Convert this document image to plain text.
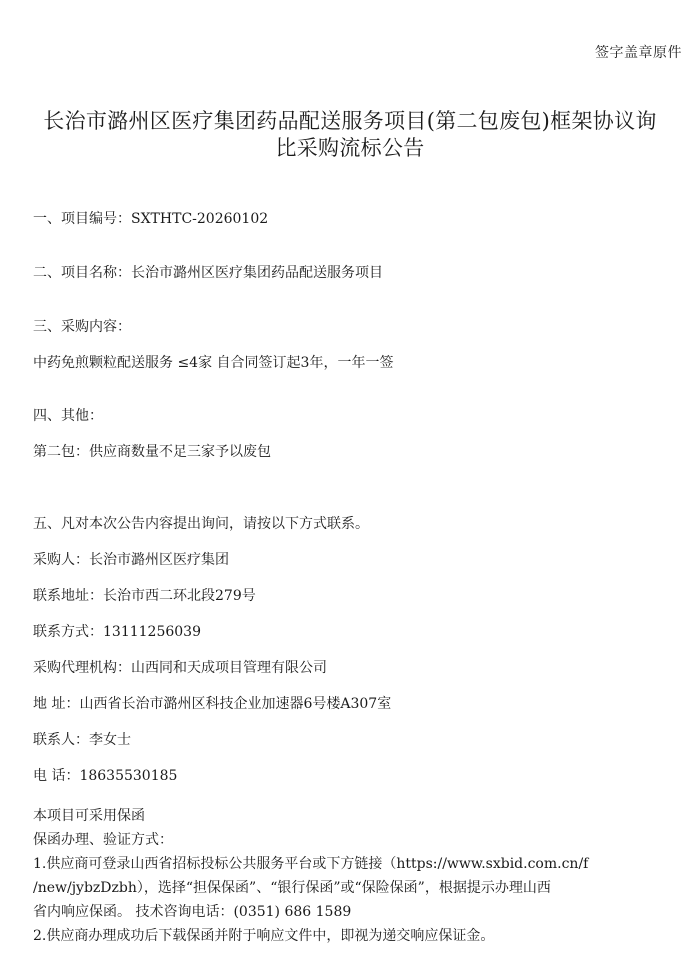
签字盖章原件
长治市潞州区医疗集团药品配送服务项目(第二包废包)框架协议询
比采购流标公告
一、项目编号：SXTHTC-20260102
二、项目名称：长治市潞州区医疗集团药品配送服务项目
三、采购内容：
中药免煎颗粒配送服务 ≤4家 自合同签订起3年，一年一签
四、其他：
第二包：供应商数量不足三家予以废包
五、凡对本次公告内容提出询问，请按以下方式联系。
采购人：长治市潞州区医疗集团
联系地址：长治市西二环北段279号
联系方式：13111256039
采购代理机构：山西同和天成项目管理有限公司
地 址：山西省长治市潞州区科技企业加速器6号楼A307室
联系人：李女士
电 话：18635530185
本项目可采用保函
保函办理、验证方式：
1.供应商可登录山西省招标投标公共服务平台或下方链接（https://www.sxbid.com.cn/f
/new/jybzDzbh），选择“担保保函”、“银行保函”或“保险保函”，根据提示办理山西
省内响应保函。 技术咨询电话：(0351) 686 1589
2.供应商办理成功后下载保函并附于响应文件中，即视为递交响应保证金。
